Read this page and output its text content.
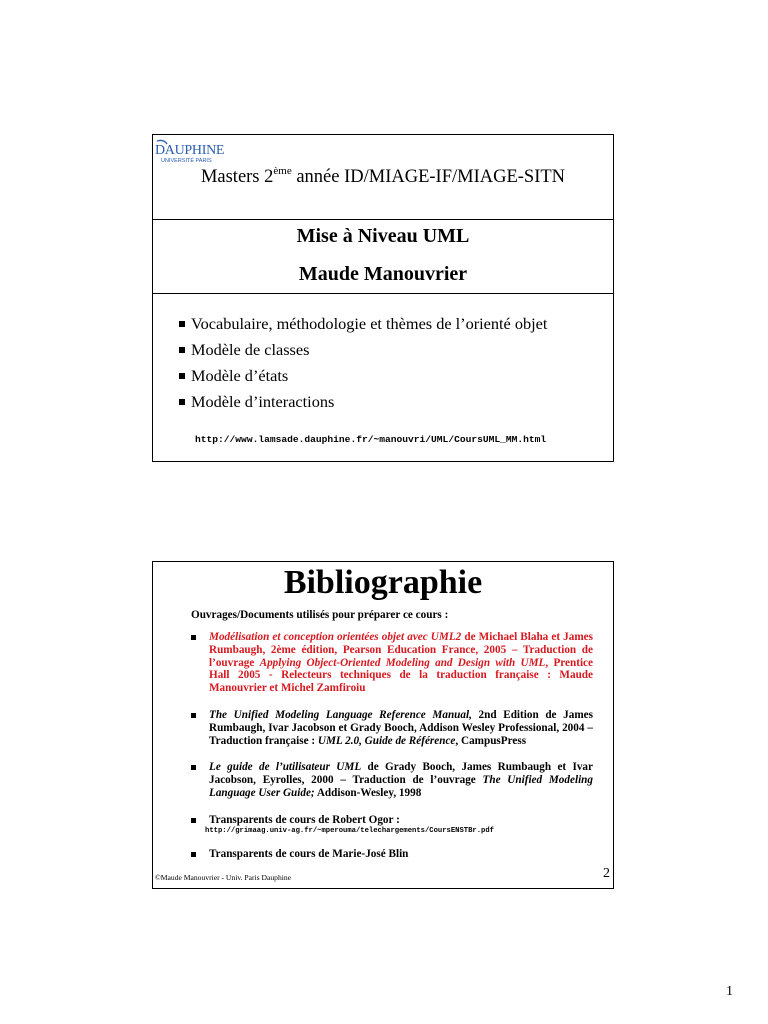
DAUPHINE
UNIVERSITÉ PARIS
Masters 2ème année ID/MIAGE-IF/MIAGE-SITN
Mise à Niveau UML
Maude Manouvrier
Vocabulaire, méthodologie et thèmes de l’orienté objet
Modèle de classes
Modèle d’états
Modèle d’interactions
http://www.lamsade.dauphine.fr/~manouvri/UML/CoursUML_MM.html
Bibliographie
Ouvrages/Documents utilisés pour préparer ce cours :

Modélisation et conception orientées objet avec UML2 de Michael Blaha et James Rumbaugh, 2ème édition, Pearson Education France, 2005 – Traduction de l’ouvrage Applying Object-Oriented Modeling and Design with UML, Prentice Hall 2005 - Relecteurs techniques de la traduction française : Maude Manouvrier et Michel Zamfiroiu

The Unified Modeling Language Reference Manual, 2nd Edition de James Rumbaugh, Ivar Jacobson et Grady Booch, Addison Wesley Professional, 2004 – Traduction française : UML 2.0, Guide de Référence, CampusPress

Le guide de l’utilisateur UML de Grady Booch, James Rumbaugh et Ivar Jacobson, Eyrolles, 2000 – Traduction de l’ouvrage The Unified Modeling Language User Guide; Addison-Wesley, 1998

Transparents de cours de Robert Ogor :

http://grimaag.univ-ag.fr/~mperouma/telechargements/CoursENSTBr.pdf

Transparents de cours de Marie-José Blin

©Maude Manouvrier - Univ. Paris Dauphine	2
1
